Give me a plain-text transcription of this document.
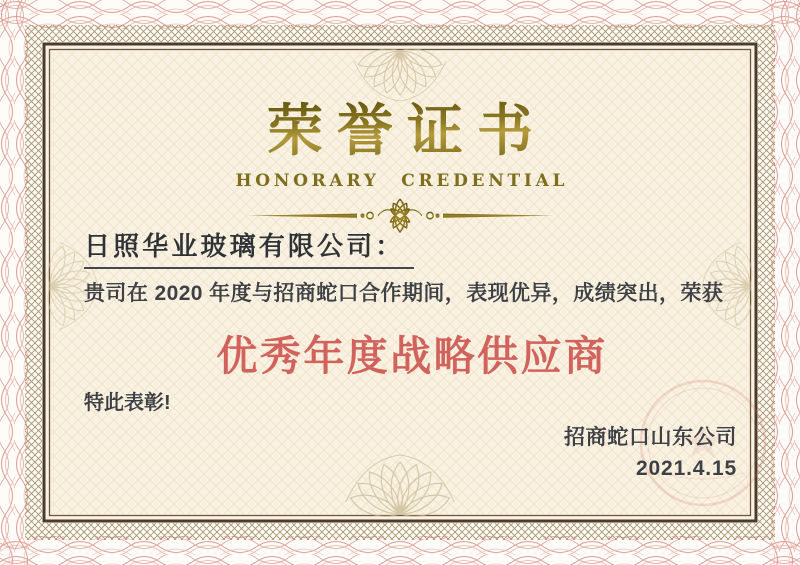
荣誉证书
HONORARY CREDENTIAL
日照华业玻璃有限公司：
贵司在 2020 年度与招商蛇口合作期间，表现优异，成绩突出，荣获
优秀年度战略供应商
特此表彰!
招商蛇口山东公司
2021.4.15
